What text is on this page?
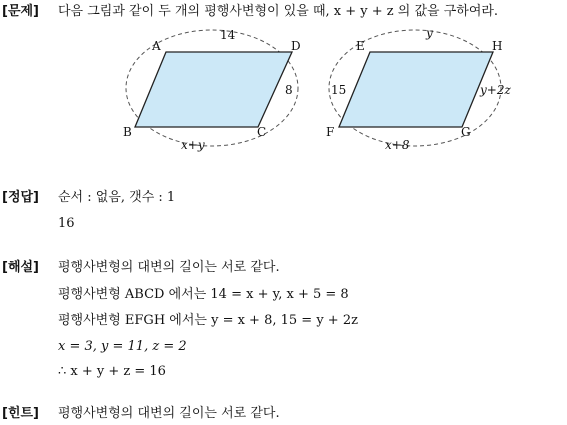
[문제] 다음 그림과 같이 두 개의 평행사변형이 있을 때, x + y + z 의 값을 구하여라.
A	D
C
B
14
8
x+y
E	H
G
F
y
15	y+2z
x+8
[정답] 순서 : 없음, 갯수 : 1
16
[해설] 평행사변형의 대변의 길이는 서로 같다.
평행사변형 ABCD 에서는 14 = x + y, x + 5 = 8
평행사변형 EFGH 에서는 y = x + 8, 15 = y + 2z
x = 3, y = 11, z = 2
∴ x + y + z = 16
[힌트] 평행사변형의 대변의 길이는 서로 같다.
